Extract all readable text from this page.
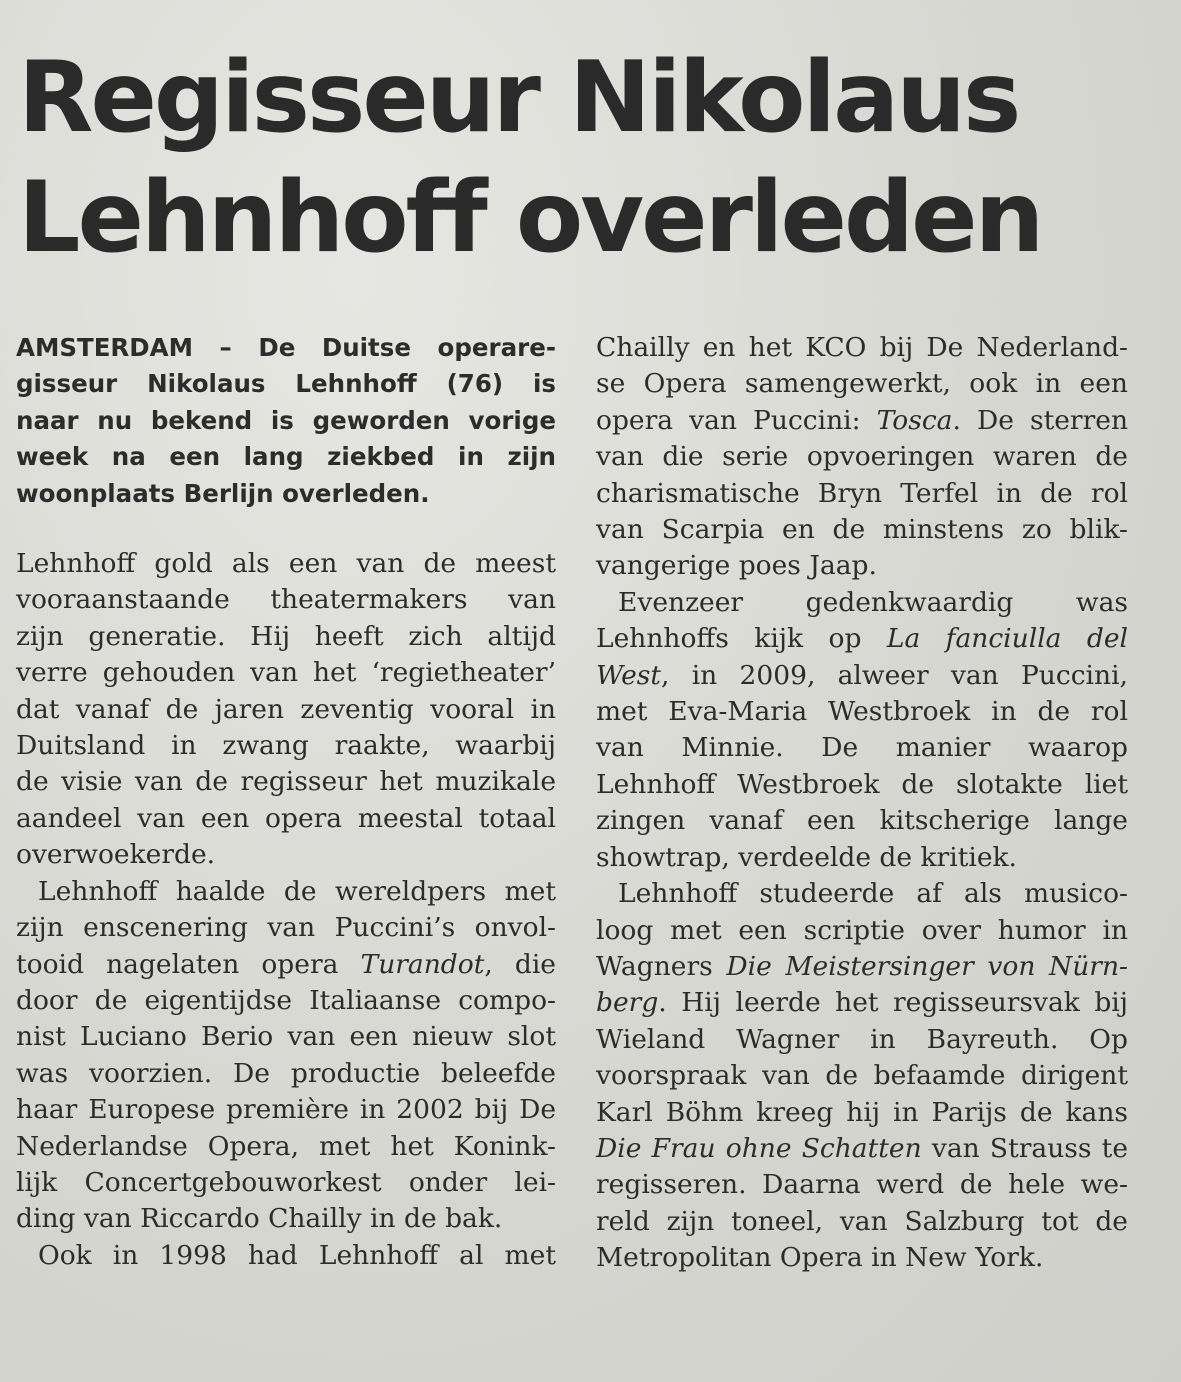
Regisseur Nikolaus
Lehnhoff overleden
AMSTERDAM – De Duitse operare-
gisseur Nikolaus Lehnhoff (76) is
naar nu bekend is geworden vorige
week na een lang ziekbed in zijn
woonplaats Berlijn overleden.
Lehnhoff gold als een van de meest
vooraanstaande theatermakers van
zijn generatie. Hij heeft zich altijd
verre gehouden van het ‘regietheater’
dat vanaf de jaren zeventig vooral in
Duitsland in zwang raakte, waarbij
de visie van de regisseur het muzikale
aandeel van een opera meestal totaal
overwoekerde.
Lehnhoff haalde de wereldpers met
zijn enscenering van Puccini’s onvol-
tooid nagelaten opera Turandot, die
door de eigentijdse Italiaanse compo-
nist Luciano Berio van een nieuw slot
was voorzien. De productie beleefde
haar Europese première in 2002 bij De
Nederlandse Opera, met het Konink-
lijk Concertgebouworkest onder lei-
ding van Riccardo Chailly in de bak.
Ook in 1998 had Lehnhoff al met
Chailly en het KCO bij De Nederland-
se Opera samengewerkt, ook in een
opera van Puccini: Tosca. De sterren
van die serie opvoeringen waren de
charismatische Bryn Terfel in de rol
van Scarpia en de minstens zo blik-
vangerige poes Jaap.
Evenzeer gedenkwaardig was
Lehnhoffs kijk op La fanciulla del
West, in 2009, alweer van Puccini,
met Eva-Maria Westbroek in de rol
van Minnie. De manier waarop
Lehnhoff Westbroek de slotakte liet
zingen vanaf een kitscherige lange
showtrap, verdeelde de kritiek.
Lehnhoff studeerde af als musico-
loog met een scriptie over humor in
Wagners Die Meistersinger von Nürn-
berg. Hij leerde het regisseursvak bij
Wieland Wagner in Bayreuth. Op
voorspraak van de befaamde dirigent
Karl Böhm kreeg hij in Parijs de kans
Die Frau ohne Schatten van Strauss te
regisseren. Daarna werd de hele we-
reld zijn toneel, van Salzburg tot de
Metropolitan Opera in New York.
